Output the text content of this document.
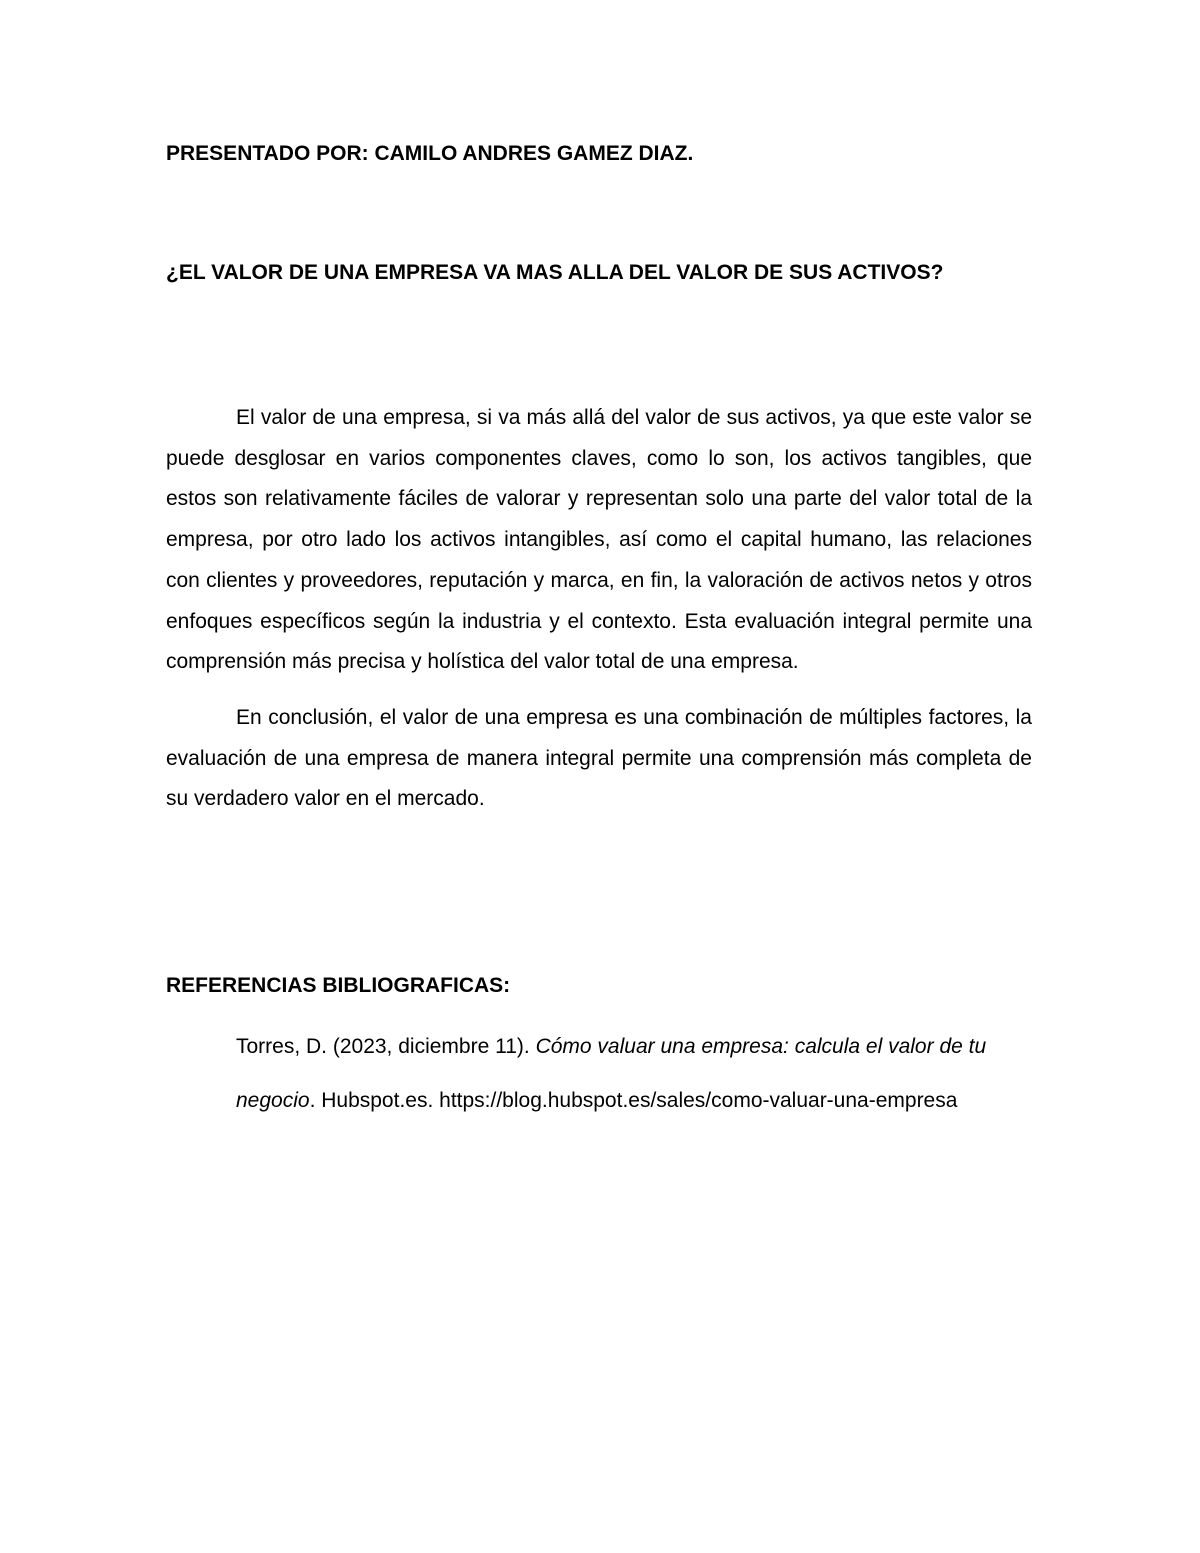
PRESENTADO POR: CAMILO ANDRES GAMEZ DIAZ.
¿EL VALOR DE UNA EMPRESA VA MAS ALLA DEL VALOR DE SUS ACTIVOS?

El valor de una empresa, si va más allá del valor de sus activos, ya que este valor se puede desglosar en varios componentes claves, como lo son, los activos tangibles, que estos son relativamente fáciles de valorar y representan solo una parte del valor total de la empresa, por otro lado los activos intangibles, así como el capital humano, las relaciones con clientes y proveedores, reputación y marca, en fin, la valoración de activos netos y otros enfoques específicos según la industria y el contexto. Esta evaluación integral permite una comprensión más precisa y holística del valor total de una empresa.

En conclusión, el valor de una empresa es una combinación de múltiples factores, la evaluación de una empresa de manera integral permite una comprensión más completa de su verdadero valor en el mercado.

REFERENCIAS BIBLIOGRAFICAS:

Torres, D. (2023, diciembre 11). Cómo valuar una empresa: calcula el valor de tu negocio. Hubspot.es. https://blog.hubspot.es/sales/como-valuar-una-empresa
